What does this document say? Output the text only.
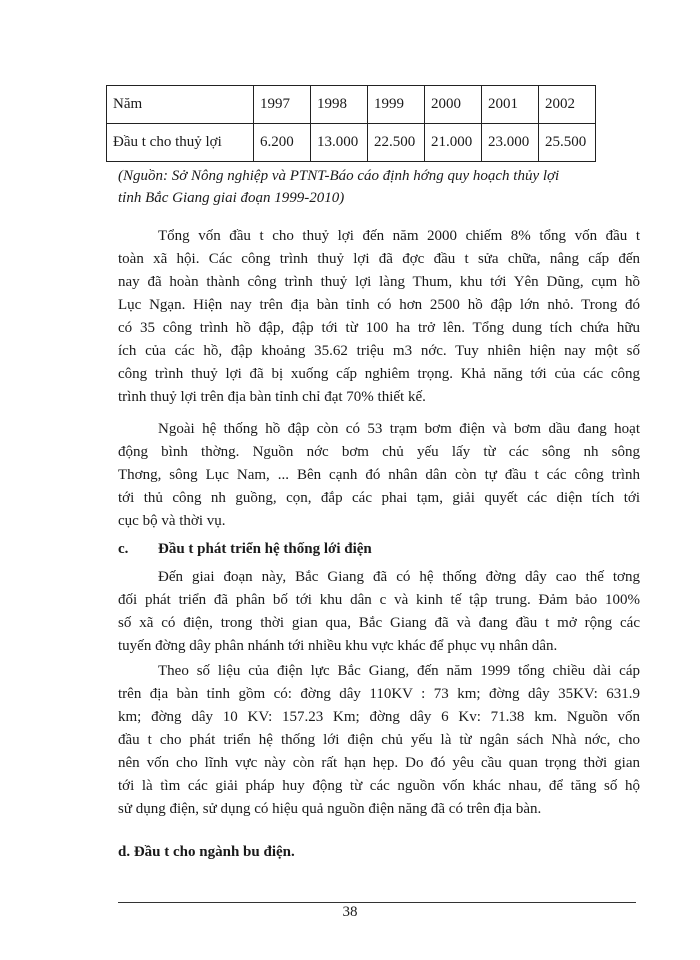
Năm	1997	1998	1999	2000	2001	2002
Đầu t cho thuỷ lợi	6.200	13.000	22.500	21.000	23.000	25.500
(Nguồn: Sở Nông nghiệp và PTNT-Báo cáo định hớng quy hoạch thủy lợi
tỉnh Bắc Giang giai đoạn 1999-2010)
Tổng vốn đầu t cho thuỷ lợi đến năm 2000 chiếm 8% tổng vốn đầu t
toàn xã hội. Các công trình thuỷ lợi đã đợc đầu t sửa chữa, nâng cấp đến
nay đã hoàn thành công trình thuỷ lợi làng Thum, khu tới Yên Dũng, cụm hồ
Lục Ngạn. Hiện nay trên địa bàn tỉnh có hơn 2500 hồ đập lớn nhỏ. Trong đó
có 35 công trình hồ đập, đập tới từ 100 ha trở lên. Tổng dung tích chứa hữu
ích của các hồ, đập khoảng 35.62 triệu m3 nớc. Tuy nhiên hiện nay một số
công trình thuỷ lợi đã bị xuống cấp nghiêm trọng. Khả năng tới của các công
trình thuỷ lợi trên địa bàn tỉnh chỉ đạt 70% thiết kế.
Ngoài hệ thống hồ đập còn có 53 trạm bơm điện và bơm dầu đang hoạt
động bình thờng. Nguồn nớc bơm chủ yếu lấy từ các sông nh sông
Thơng, sông Lục Nam, ... Bên cạnh đó nhân dân còn tự đầu t các công trình
tới thủ công nh guồng, cọn, đắp các phai tạm, giải quyết các diện tích tới
cục bộ và thời vụ.
c. Đầu t phát triển hệ thống lới điện
Đến giai đoạn này, Bắc Giang đã có hệ thống đờng dây cao thế tơng
đối phát triển đã phân bố tới khu dân c và kinh tế tập trung. Đảm bảo 100%
số xã có điện, trong thời gian qua, Bắc Giang đã và đang đầu t mở rộng các
tuyến đờng dây phân nhánh tới nhiều khu vực khác để phục vụ nhân dân.
Theo số liệu của điện lực Bắc Giang, đến năm 1999 tổng chiều dài cáp
trên địa bàn tỉnh gồm có: đờng dây 110KV : 73 km; đờng dây 35KV: 631.9
km; đờng dây 10 KV: 157.23 Km; đờng dây 6 Kv: 71.38 km. Nguồn vốn
đầu t cho phát triển hệ thống lới điện chủ yếu là từ ngân sách Nhà nớc, cho
nên vốn cho lĩnh vực này còn rất hạn hẹp. Do đó yêu cầu quan trọng thời gian
tới là tìm các giải pháp huy động từ các nguồn vốn khác nhau, để tăng số hộ
sử dụng điện, sử dụng có hiệu quả nguồn điện năng đã có trên địa bàn.
d. Đầu t cho ngành bu điện.
38
